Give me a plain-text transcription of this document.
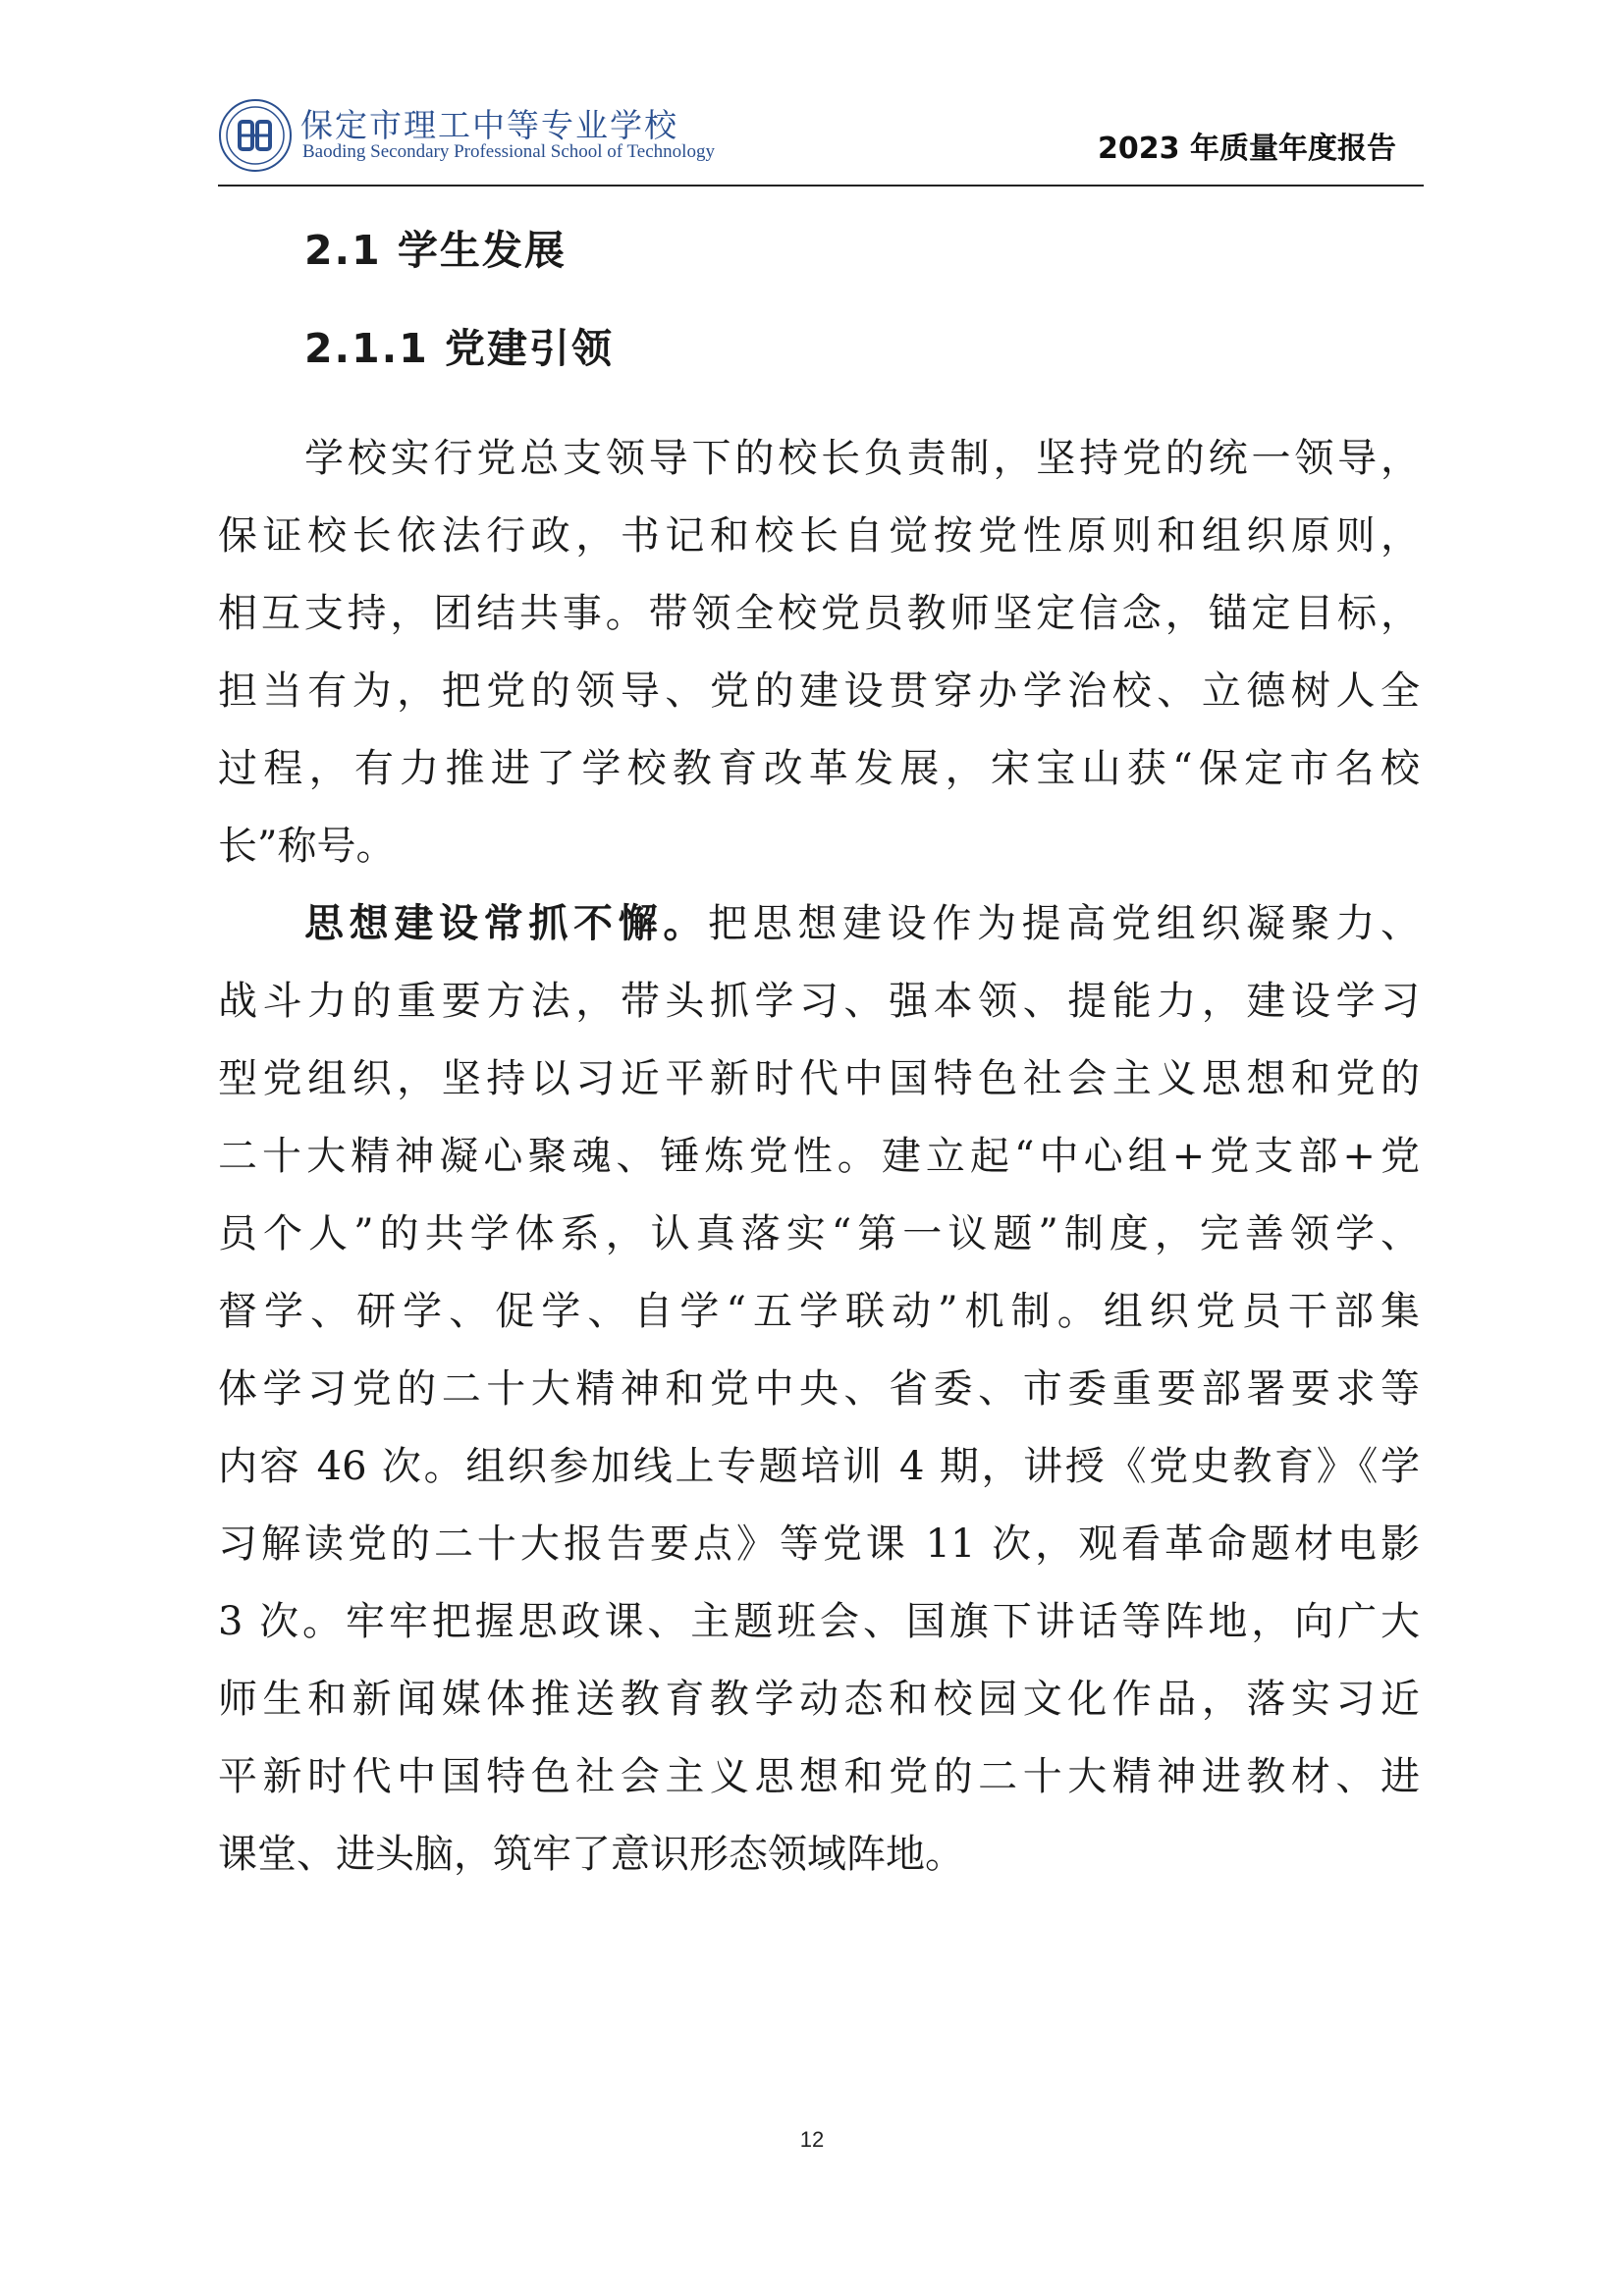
保定市理工中等专业学校
Baoding Secondary Professional School of Technology	2023 年质量年度报告
2.1 学生发展
2.1.1 党建引领
学校实行党总支领导下的校长负责制，坚持党的统一领导，
保证校长依法行政，书记和校长自觉按党性原则和组织原则，
相互支持，团结共事。带领全校党员教师坚定信念，锚定目标，
担当有为，把党的领导、党的建设贯穿办学治校、立德树人全
过程，有力推进了学校教育改革发展，宋宝山获“保定市名校
长”称号。
思想建设常抓不懈。把思想建设作为提高党组织凝聚力、
战斗力的重要方法，带头抓学习、强本领、提能力，建设学习
型党组织，坚持以习近平新时代中国特色社会主义思想和党的
二十大精神凝心聚魂、锤炼党性。建立起“中心组+党支部+党
员个人”的共学体系，认真落实“第一议题”制度，完善领学、
督学、研学、促学、自学“五学联动”机制。组织党员干部集
体学习党的二十大精神和党中央、省委、市委重要部署要求等
内容 46 次。组织参加线上专题培训 4 期，讲授《党史教育》《学
习解读党的二十大报告要点》等党课 11 次，观看革命题材电影
3 次。牢牢把握思政课、主题班会、国旗下讲话等阵地，向广大
师生和新闻媒体推送教育教学动态和校园文化作品，落实习近
平新时代中国特色社会主义思想和党的二十大精神进教材、进
课堂、进头脑，筑牢了意识形态领域阵地。
12
